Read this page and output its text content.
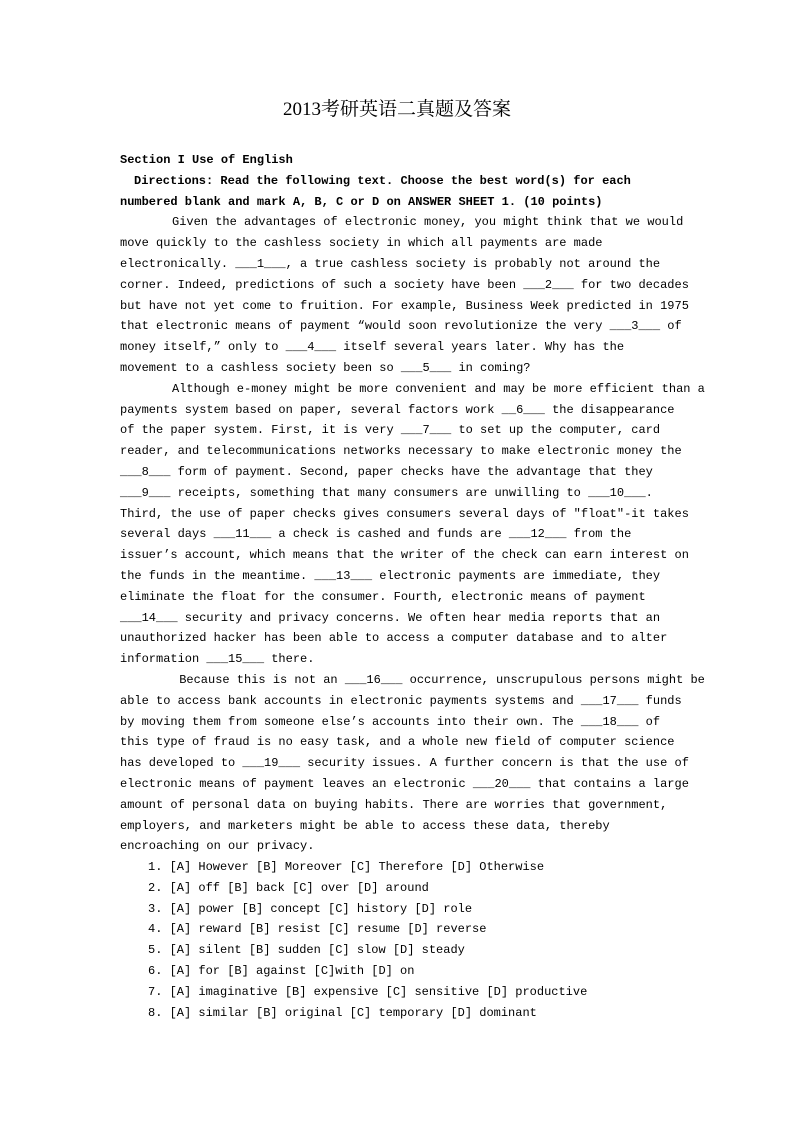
2013考研英语二真题及答案
Section I Use of English
Directions: Read the following text. Choose the best word(s) for each
numbered blank and mark A, B, C or D on ANSWER SHEET 1. (10 points)
Given the advantages of electronic money, you might think that we would
move quickly to the cashless society in which all payments are made
electronically. ___1___, a true cashless society is probably not around the
corner. Indeed, predictions of such a society have been ___2___ for two decades
but have not yet come to fruition. For example, Business Week predicted in 1975
that electronic means of payment “would soon revolutionize the very ___3___ of
money itself,” only to ___4___ itself several years later. Why has the
movement to a cashless society been so ___5___ in coming?
Although e-money might be more convenient and may be more efficient than a
payments system based on paper, several factors work __6___ the disappearance
of the paper system. First, it is very ___7___ to set up the computer, card
reader, and telecommunications networks necessary to make electronic money the
___8___ form of payment. Second, paper checks have the advantage that they
___9___ receipts, something that many consumers are unwilling to ___10___.
Third, the use of paper checks gives consumers several days of "float"-it takes
several days ___11___ a check is cashed and funds are ___12___ from the
issuer’s account, which means that the writer of the check can earn interest on
the funds in the meantime. ___13___ electronic payments are immediate, they
eliminate the float for the consumer. Fourth, electronic means of payment
___14___ security and privacy concerns. We often hear media reports that an
unauthorized hacker has been able to access a computer database and to alter
information ___15___ there.
Because this is not an ___16___ occurrence, unscrupulous persons might be
able to access bank accounts in electronic payments systems and ___17___ funds
by moving them from someone else’s accounts into their own. The ___18___ of
this type of fraud is no easy task, and a whole new field of computer science
has developed to ___19___ security issues. A further concern is that the use of
electronic means of payment leaves an electronic ___20___ that contains a large
amount of personal data on buying habits. There are worries that government,
employers, and marketers might be able to access these data, thereby
encroaching on our privacy.
1. [A] However [B] Moreover [C] Therefore [D] Otherwise
2. [A] off [B] back [C] over [D] around
3. [A] power [B] concept [C] history [D] role
4. [A] reward [B] resist [C] resume [D] reverse
5. [A] silent [B] sudden [C] slow [D] steady
6. [A] for [B] against [C]with [D] on
7. [A] imaginative [B] expensive [C] sensitive [D] productive
8. [A] similar [B] original [C] temporary [D] dominant
